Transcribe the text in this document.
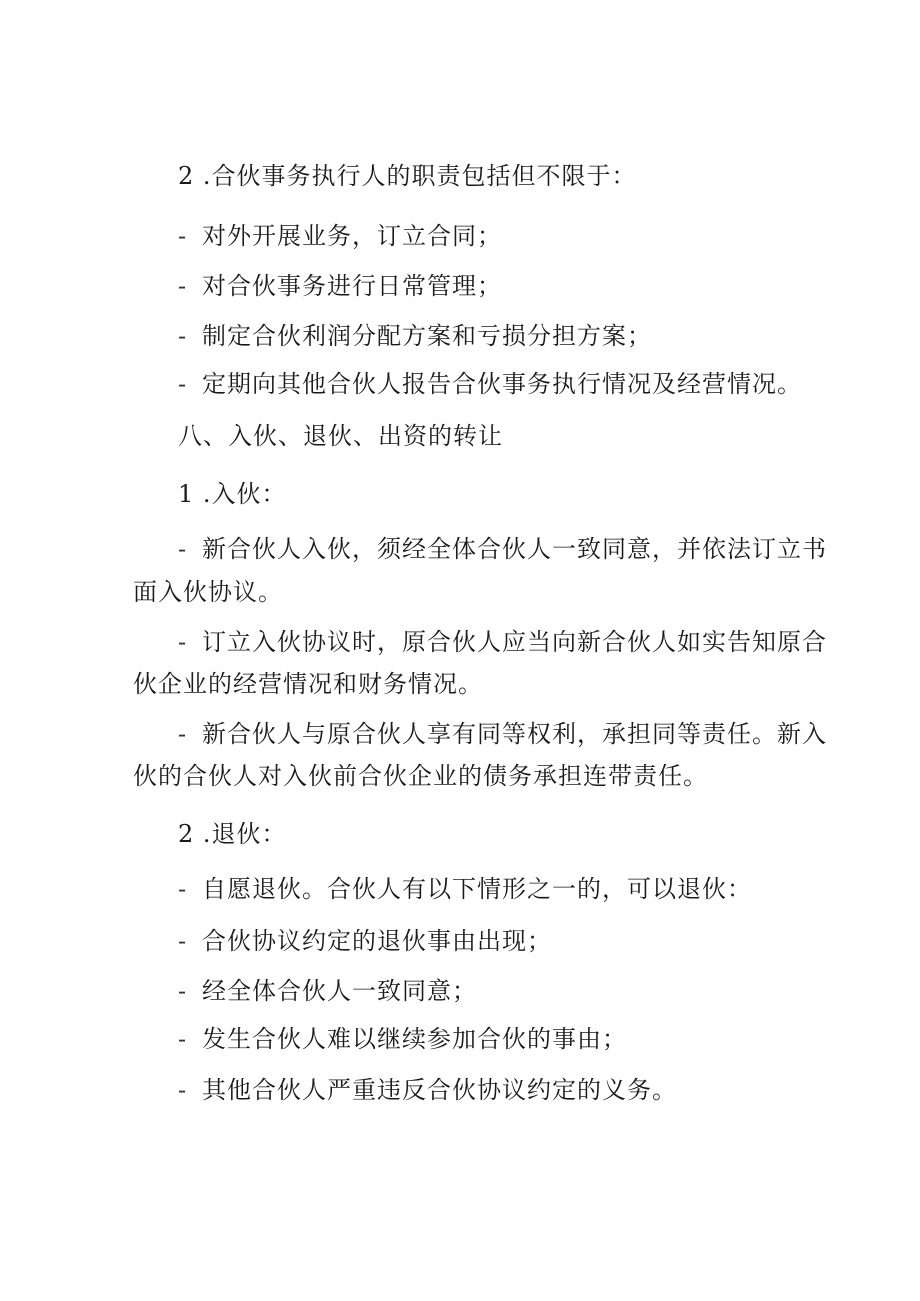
2 .合伙事务执行人的职责包括但不限于：
- 对外开展业务，订立合同；
- 对合伙事务进行日常管理；
- 制定合伙利润分配方案和亏损分担方案；
- 定期向其他合伙人报告合伙事务执行情况及经营情况。
八、入伙、退伙、出资的转让
1 .入伙：
- 新合伙人入伙，须经全体合伙人一致同意，并依法订立书
面入伙协议。
- 订立入伙协议时，原合伙人应当向新合伙人如实告知原合
伙企业的经营情况和财务情况。
- 新合伙人与原合伙人享有同等权利，承担同等责任。新入
伙的合伙人对入伙前合伙企业的债务承担连带责任。
2 .退伙：
- 自愿退伙。合伙人有以下情形之一的，可以退伙：
- 合伙协议约定的退伙事由出现；
- 经全体合伙人一致同意；
- 发生合伙人难以继续参加合伙的事由；
- 其他合伙人严重违反合伙协议约定的义务。
